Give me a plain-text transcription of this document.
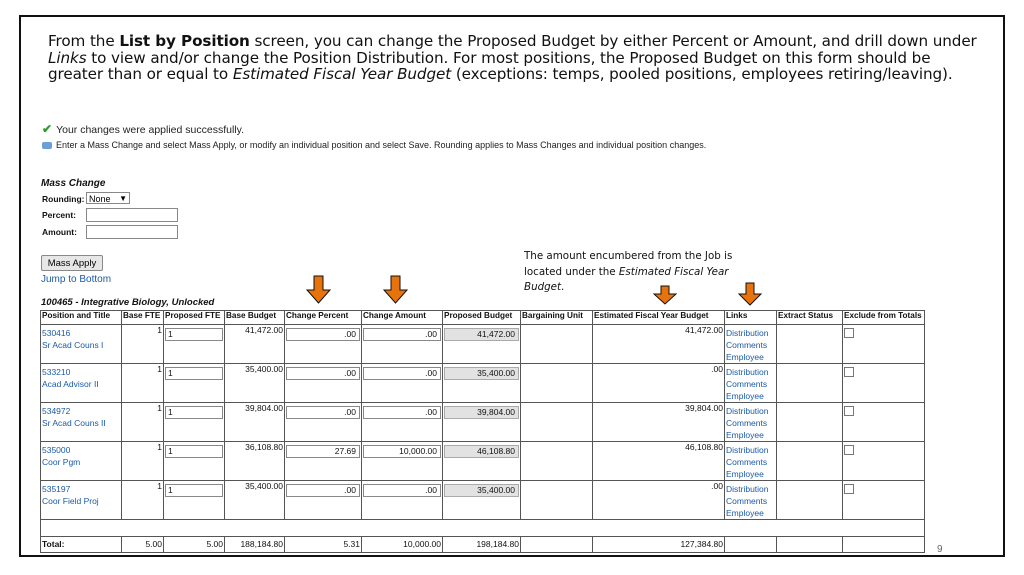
From the List by Position screen, you can change the Proposed Budget by either Percent or Amount, and drill down under Links to view and/or change the Position Distribution. For most positions, the Proposed Budget on this form should be greater than or equal to Estimated Fiscal Year Budget (exceptions: temps, pooled positions, employees retiring/leaving).
✔ Your changes were applied successfully.
Enter a Mass Change and select Mass Apply, or modify an individual position and select Save. Rounding applies to Mass Changes and individual position changes.
Mass Change
Rounding: None ▼
Percent:
Amount:
Mass Apply
Jump to Bottom
100465 - Integrative Biology, Unlocked
The amount encumbered from the Job is located under the Estimated Fiscal Year Budget.
Position and Title	Base FTE	Proposed FTE	Base Budget	Change Percent	Change Amount	Proposed Budget	Bargaining Unit	Estimated Fiscal Year Budget	Links	Extract Status	Exclude from Totals

530416
Sr Acad Couns I	1	1	41,472.00	.00	.00	41,472.00		41,472.00	Distribution
Comments
Employee		

533210
Acad Advisor II	1	1	35,400.00	.00	.00	35,400.00		.00	Distribution
Comments
Employee		

534972
Sr Acad Couns II	1	1	39,804.00	.00	.00	39,804.00		39,804.00	Distribution
Comments
Employee		

535000
Coor Pgm	1	1	36,108.80	27.69	10,000.00	46,108.80		46,108.80	Distribution
Comments
Employee		

535197
Coor Field Proj	1	1	35,400.00	.00	.00	35,400.00		.00	Distribution
Comments
Employee		

Total:	5.00	5.00	188,184.80	5.31	10,000.00	198,184.80		127,384.80				9
